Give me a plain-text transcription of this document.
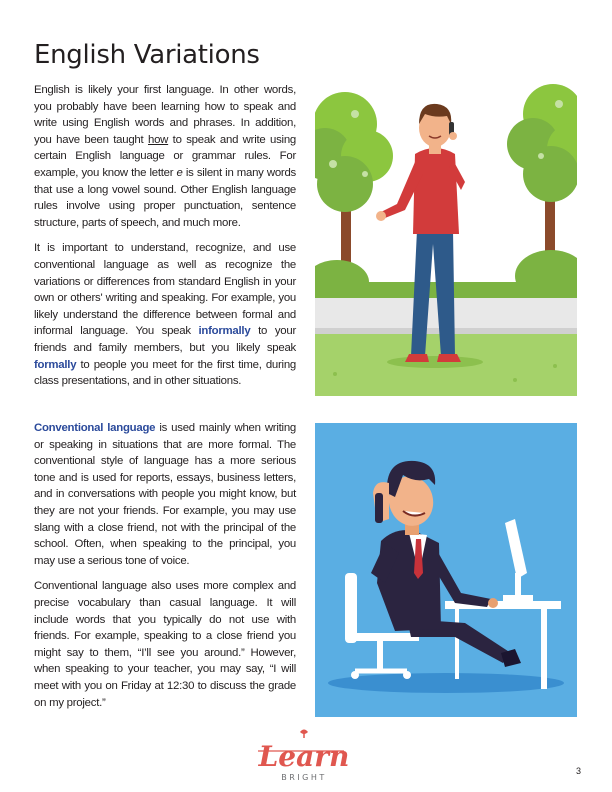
English Variations

English is likely your first language. In other words, you probably have been learning how to speak and write using English words and phrases. In addition, you have been taught how to speak and write using certain English language or grammar rules. For example, you know the letter e is silent in many words that use a long vowel sound. Other English language rules involve using proper punctuation, sentence structure, parts of speech, and much more.

It is important to understand, recognize, and use conventional language as well as recognize the variations or differences from standard English in your own or others' writing and speaking. For example, you likely understand the difference between formal and informal language. You speak informally to your friends and family members, but you likely speak formally to people you meet for the first time, during class presentations, and in other situations.

Conventional language is used mainly when writing or speaking in situations that are more formal. The conventional style of language has a more serious tone and is used for reports, essays, business letters, and in conversations with people you might know, but they are not your friends. For example, you may use slang with a close friend, not with the principal of the school. Often, when speaking to the principal, you may use a serious tone of voice.

Conventional language also uses more complex and precise vocabulary than casual language. It will include words that you typically do not use with friends. For example, speaking to a close friend you might say to them, “I’ll see you around.” However, when speaking to your teacher, you may say, “I will meet with you on Friday at 12:30 to discuss the grade on my project.”

Learn
BRIGHT
3
